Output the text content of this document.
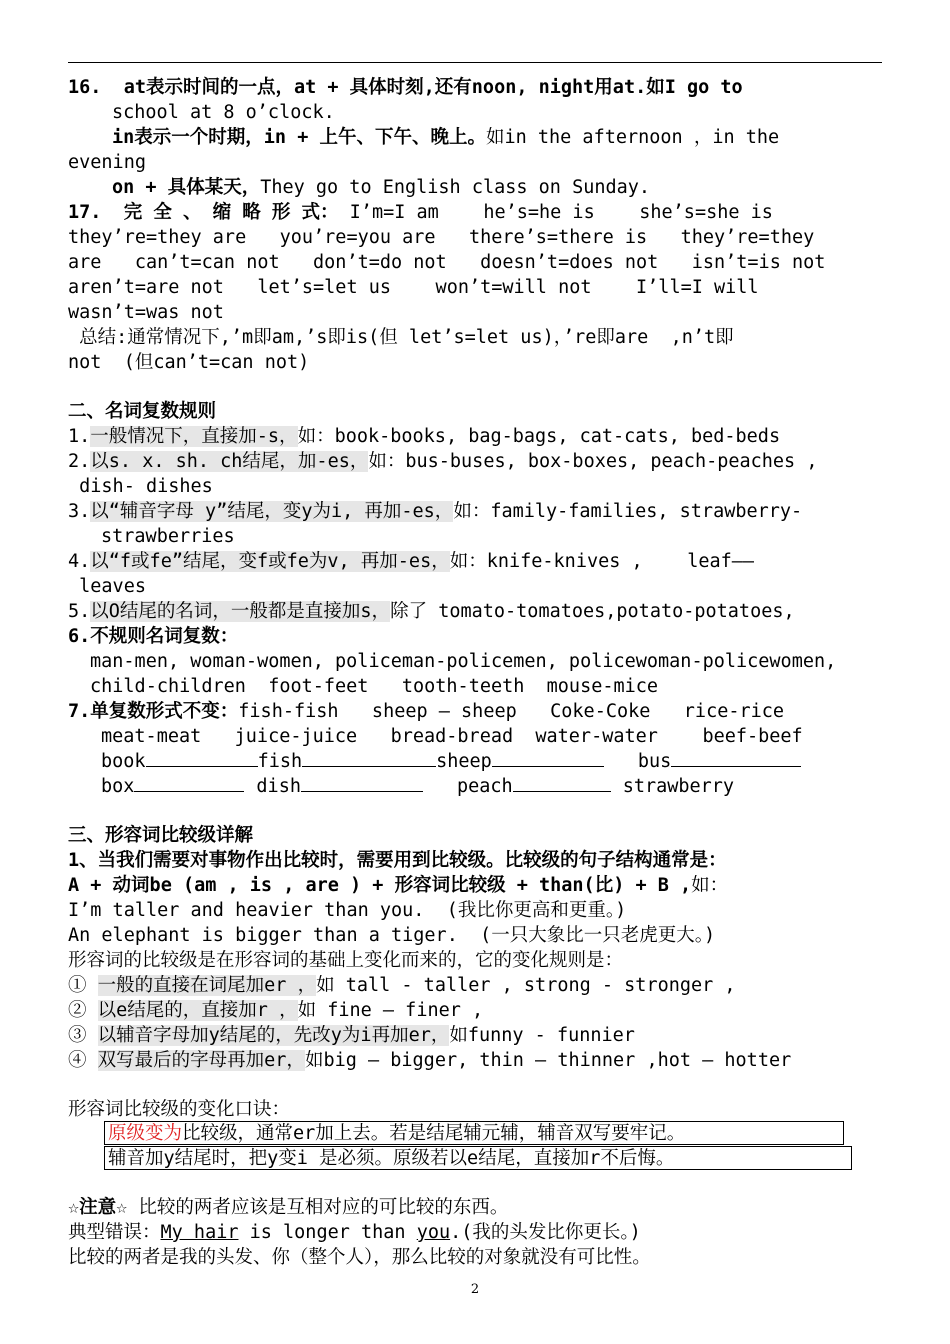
16.  at表示时间的一点，at + 具体时刻,还有noon, night用at.如I go to
school at 8 o’clock.
in表示一个时期，in + 上午、下午、晚上。如in the afternoon ，in the
evening
on + 具体某天，They go to English class on Sunday.
17.  完 全 、 缩 略 形 式： I’m=I am    he’s=he is    she’s=she is
they’re=they are   you’re=you are   there’s=there is   they’re=they
are   can’t=can not   don’t=do not   doesn’t=does not   isn’t=is not
aren’t=are not   let’s=let us    won’t=will not    I’ll=I will
wasn’t=was not
总结:通常情况下,’m即am,’s即is(但 let’s=let us)，’re即are  ,n’t即
not  (但can’t=can not)
二、名词复数规则
1.一般情况下，直接加-s，如：book-books, bag-bags, cat-cats, bed-beds
2.以s. x. sh. ch结尾，加-es，如：bus-buses, box-boxes, peach-peaches ,
dish- dishes
3.以“辅音字母 y”结尾，变y为i, 再加-es，如：family-families, strawberry-
strawberries
4.以“f或fe”结尾，变f或fe为v, 再加-es，如：knife-knives ,    leaf——
leaves
5.以O结尾的名词，一般都是直接加s，除了 tomato-tomatoes,potato-potatoes,
6.不规则名词复数：
man-men, woman-women, policeman-policemen, policewoman-policewomen,
child-children  foot-feet   tooth-teeth  mouse-mice
7.单复数形式不变：fish-fish   sheep – sheep   Coke-Coke   rice-rice
meat-meat   juice-juice   bread-bread  water-water    beef-beef
book	fish	sheep	bus
box	dish	peach	strawberry
三、形容词比较级详解
1、当我们需要对事物作出比较时，需要用到比较级。比较级的句子结构通常是：
A + 动词be (am , is , are ) + 形容词比较级 + than(比) + B ,如：
I’m taller and heavier than you.  (我比你更高和更重。)
An elephant is bigger than a tiger.  (一只大象比一只老虎更大。)
形容词的比较级是在形容词的基础上变化而来的，它的变化规则是：
① 一般的直接在词尾加er ，如 tall - taller , strong - stronger ,
② 以e结尾的，直接加r ，如 fine – finer ,
③ 以辅音字母加y结尾的，先改y为i再加er，如funny - funnier
④ 双写最后的字母再加er，如big – bigger, thin – thinner ,hot – hotter
形容词比较级的变化口诀：
原级变为比较级，通常er加上去。若是结尾辅元辅，辅音双写要牢记。
辅音加y结尾时，把y变i 是必须。原级若以e结尾，直接加r不后悔。
☆注意☆ 比较的两者应该是互相对应的可比较的东西。
典型错误：My hair is longer than you.(我的头发比你更长。)
比较的两者是我的头发、你（整个人），那么比较的对象就没有可比性。
2
